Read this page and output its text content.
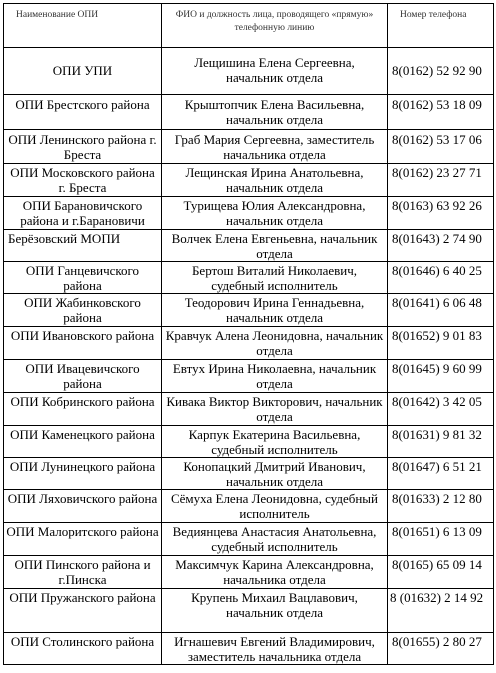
Наименование ОПИ	ФИО и должность лица, проводящего «прямую» телефонную линию	Номер телефона
ОПИ УПИ	Лещишина Елена Сергеевна, начальник отдела	8(0162) 52 92 90
ОПИ Брестского района	Крыштопчик Елена Васильевна, начальник отдела	8(0162) 53 18 09
ОПИ Ленинского района г. Бреста	Граб Мария Сергеевна, заместитель начальника отдела	8(0162) 53 17 06
ОПИ Московского района г. Бреста	Лещинская Ирина Анатольевна, начальник отдела	8(0162) 23 27 71
ОПИ Барановичского района и г.Барановичи	Турищева Юлия Александровна, начальник отдела	8(0163) 63 92 26
Берёзовский МОПИ	Волчек Елена Евгеньевна, начальник отдела	8(01643) 2 74 90
ОПИ Ганцевичского района	Бертош Виталий Николаевич, судебный исполнитель	8(01646) 6 40 25
ОПИ Жабинковского района	Теодорович Ирина Геннадьевна, начальник отдела	8(01641) 6 06 48
ОПИ Ивановского района	Кравчук Алена Леонидовна, начальник отдела	8(01652) 9 01 83
ОПИ Ивацевичского района	Евтух Ирина Николаевна, начальник отдела	8(01645) 9 60 99
ОПИ Кобринского района	Кивака Виктор Викторович, начальник отдела	8(01642) 3 42 05
ОПИ Каменецкого района	Карпук Екатерина Васильевна, судебный исполнитель	8(01631) 9 81 32
ОПИ Лунинецкого района	Конопацкий Дмитрий Иванович, начальник отдела	8(01647) 6 51 21
ОПИ Ляховичского района	Сёмуха Елена Леонидовна, судебный исполнитель	8(01633) 2 12 80
ОПИ Малоритского района	Ведиянцева Анастасия Анатольевна, судебный исполнитель	8(01651) 6 13 09
ОПИ Пинского района и г.Пинска	Максимчук Карина Александровна, начальника отдела	8(0165) 65 09 14
ОПИ Пружанского района	Крупень Михаил Вацлавович, начальник отдела	8 (01632) 2 14 92
ОПИ Столинского района	Игнашевич Евгений Владимирович, заместитель начальника отдела	8(01655) 2 80 27
